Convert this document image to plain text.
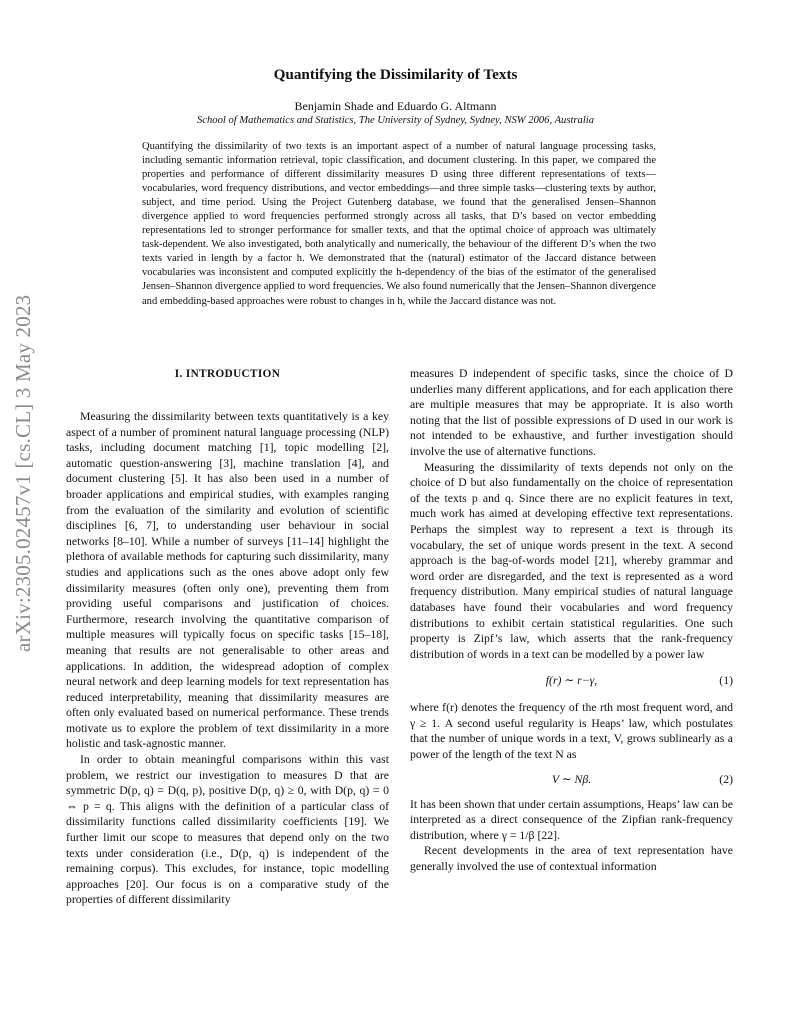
arXiv:2305.02457v1 [cs.CL] 3 May 2023
Quantifying the Dissimilarity of Texts
Benjamin Shade and Eduardo G. Altmann
School of Mathematics and Statistics, The University of Sydney, Sydney, NSW 2006, Australia
Quantifying the dissimilarity of two texts is an important aspect of a number of natural language processing tasks, including semantic information retrieval, topic classification, and document clustering. In this paper, we compared the properties and performance of different dissimilarity measures D using three different representations of texts—vocabularies, word frequency distributions, and vector embeddings—and three simple tasks—clustering texts by author, subject, and time period. Using the Project Gutenberg database, we found that the generalised Jensen–Shannon divergence applied to word frequencies performed strongly across all tasks, that D’s based on vector embedding representations led to stronger performance for smaller texts, and that the optimal choice of approach was ultimately task-dependent. We also investigated, both analytically and numerically, the behaviour of the different D’s when the two texts varied in length by a factor h. We demonstrated that the (natural) estimator of the Jaccard distance between vocabularies was inconsistent and computed explicitly the h-dependency of the bias of the estimator of the generalised Jensen–Shannon divergence applied to word frequencies. We also found numerically that the Jensen–Shannon divergence and embedding-based approaches were robust to changes in h, while the Jaccard distance was not.
I. INTRODUCTION

Measuring the dissimilarity between texts quantitatively is a key aspect of a number of prominent natural language processing (NLP) tasks, including document matching [1], topic modelling [2], automatic question-answering [3], machine translation [4], and document clustering [5]. It has also been used in a number of broader applications and empirical studies, with examples ranging from the evaluation of the similarity and evolution of scientific disciplines [6, 7], to understanding user behaviour in social networks [8–10]. While a number of surveys [11–14] highlight the plethora of available methods for capturing such dissimilarity, many studies and applications such as the ones above adopt only few dissimilarity measures (often only one), preventing them from providing useful comparisons and justification of choices. Furthermore, research involving the quantitative comparison of multiple measures will typically focus on specific tasks [15–18], meaning that results are not generalisable to other areas and applications. In addition, the widespread adoption of complex neural network and deep learning models for text representation has reduced interpretability, meaning that dissimilarity measures are often only evaluated based on numerical performance. These trends motivate us to explore the problem of text dissimilarity in a more holistic and task-agnostic manner.

In order to obtain meaningful comparisons within this vast problem, we restrict our investigation to measures D that are symmetric D(p, q) = D(q, p), positive D(p, q) ≥ 0, with D(p, q) = 0 ⇔ p = q. This aligns with the definition of a particular class of dissimilarity functions called dissimilarity coefficients [19]. We further limit our scope to measures that depend only on the two texts under consideration (i.e., D(p, q) is independent of the remaining corpus). This excludes, for instance, topic modelling approaches [20]. Our focus is on a comparative study of the properties of different dissimilarity

measures D independent of specific tasks, since the choice of D underlies many different applications, and for each application there are multiple measures that may be appropriate. It is also worth noting that the list of possible expressions of D used in our work is not intended to be exhaustive, and further investigation should involve the use of alternative functions.

Measuring the dissimilarity of texts depends not only on the choice of D but also fundamentally on the choice of representation of the texts p and q. Since there are no explicit features in text, much work has aimed at developing effective text representations. Perhaps the simplest way to represent a text is through its vocabulary, the set of unique words present in the text. A second approach is the bag-of-words model [21], whereby grammar and word order are disregarded, and the text is represented as a word frequency distribution. Many empirical studies of natural language databases have found their vocabularies and word frequency distributions to exhibit certain statistical regularities. One such property is Zipf’s law, which asserts that the rank-frequency distribution of words in a text can be modelled by a power law

f(r) ∼ r−γ,	(1)

where f(r) denotes the frequency of the rth most frequent word, and γ ≥ 1. A second useful regularity is Heaps’ law, which postulates that the number of unique words in a text, V, grows sublinearly as a power of the length of the text N as

V ∼ Nβ.	(2)

It has been shown that under certain assumptions, Heaps’ law can be interpreted as a direct consequence of the Zipfian rank-frequency distribution, where γ = 1/β [22].

Recent developments in the area of text representation have generally involved the use of contextual information
